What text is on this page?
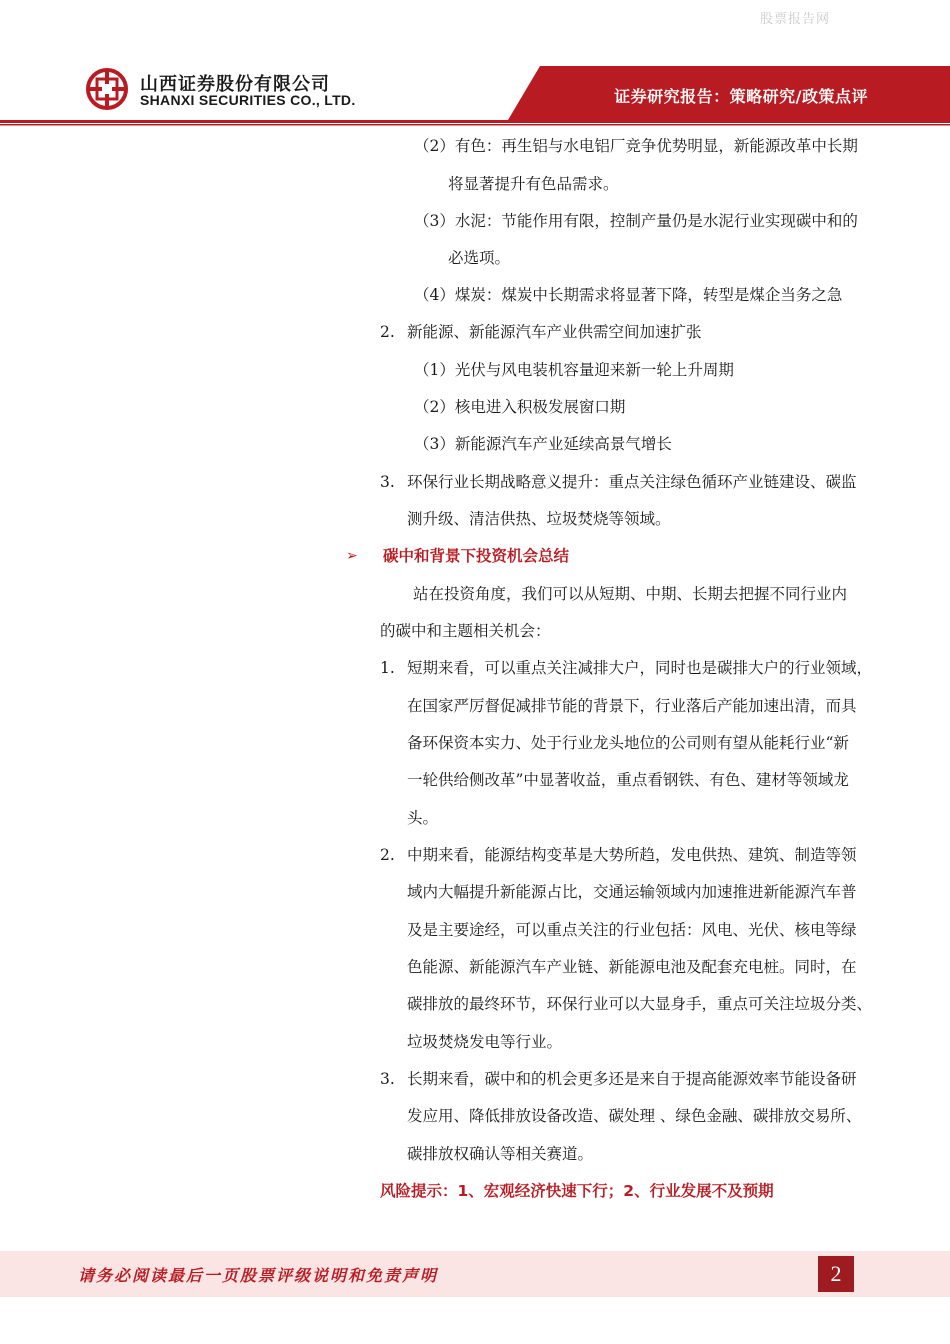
股票报告网
山西证券股份有限公司
SHANXI SECURITIES CO., LTD.	证券研究报告：策略研究/政策点评
（2）有色：再生铝与水电铝厂竞争优势明显，新能源改革中长期
将显著提升有色品需求。
（3）水泥：节能作用有限，控制产量仍是水泥行业实现碳中和的
必选项。
（4）煤炭：煤炭中长期需求将显著下降，转型是煤企当务之急
2. 新能源、新能源汽车产业供需空间加速扩张
（1）光伏与风电装机容量迎来新一轮上升周期
（2）核电进入积极发展窗口期
（3）新能源汽车产业延续高景气增长
3. 环保行业长期战略意义提升：重点关注绿色循环产业链建设、碳监
测升级、清洁供热、垃圾焚烧等领域。
➢ 碳中和背景下投资机会总结
站在投资角度，我们可以从短期、中期、长期去把握不同行业内
的碳中和主题相关机会：
1. 短期来看，可以重点关注减排大户，同时也是碳排大户的行业领域，
在国家严厉督促减排节能的背景下，行业落后产能加速出清，而具
备环保资本实力、处于行业龙头地位的公司则有望从能耗行业“新
一轮供给侧改革”中显著收益，重点看钢铁、有色、建材等领域龙
头。
2. 中期来看，能源结构变革是大势所趋，发电供热、建筑、制造等领
域内大幅提升新能源占比，交通运输领域内加速推进新能源汽车普
及是主要途经，可以重点关注的行业包括：风电、光伏、核电等绿
色能源、新能源汽车产业链、新能源电池及配套充电桩。同时，在
碳排放的最终环节，环保行业可以大显身手，重点可关注垃圾分类、
垃圾焚烧发电等行业。
3. 长期来看，碳中和的机会更多还是来自于提高能源效率节能设备研
发应用、降低排放设备改造、碳处理 、绿色金融、碳排放交易所、
碳排放权确认等相关赛道。
风险提示：1、宏观经济快速下行；2、行业发展不及预期
请务必阅读最后一页股票评级说明和免责声明	2
